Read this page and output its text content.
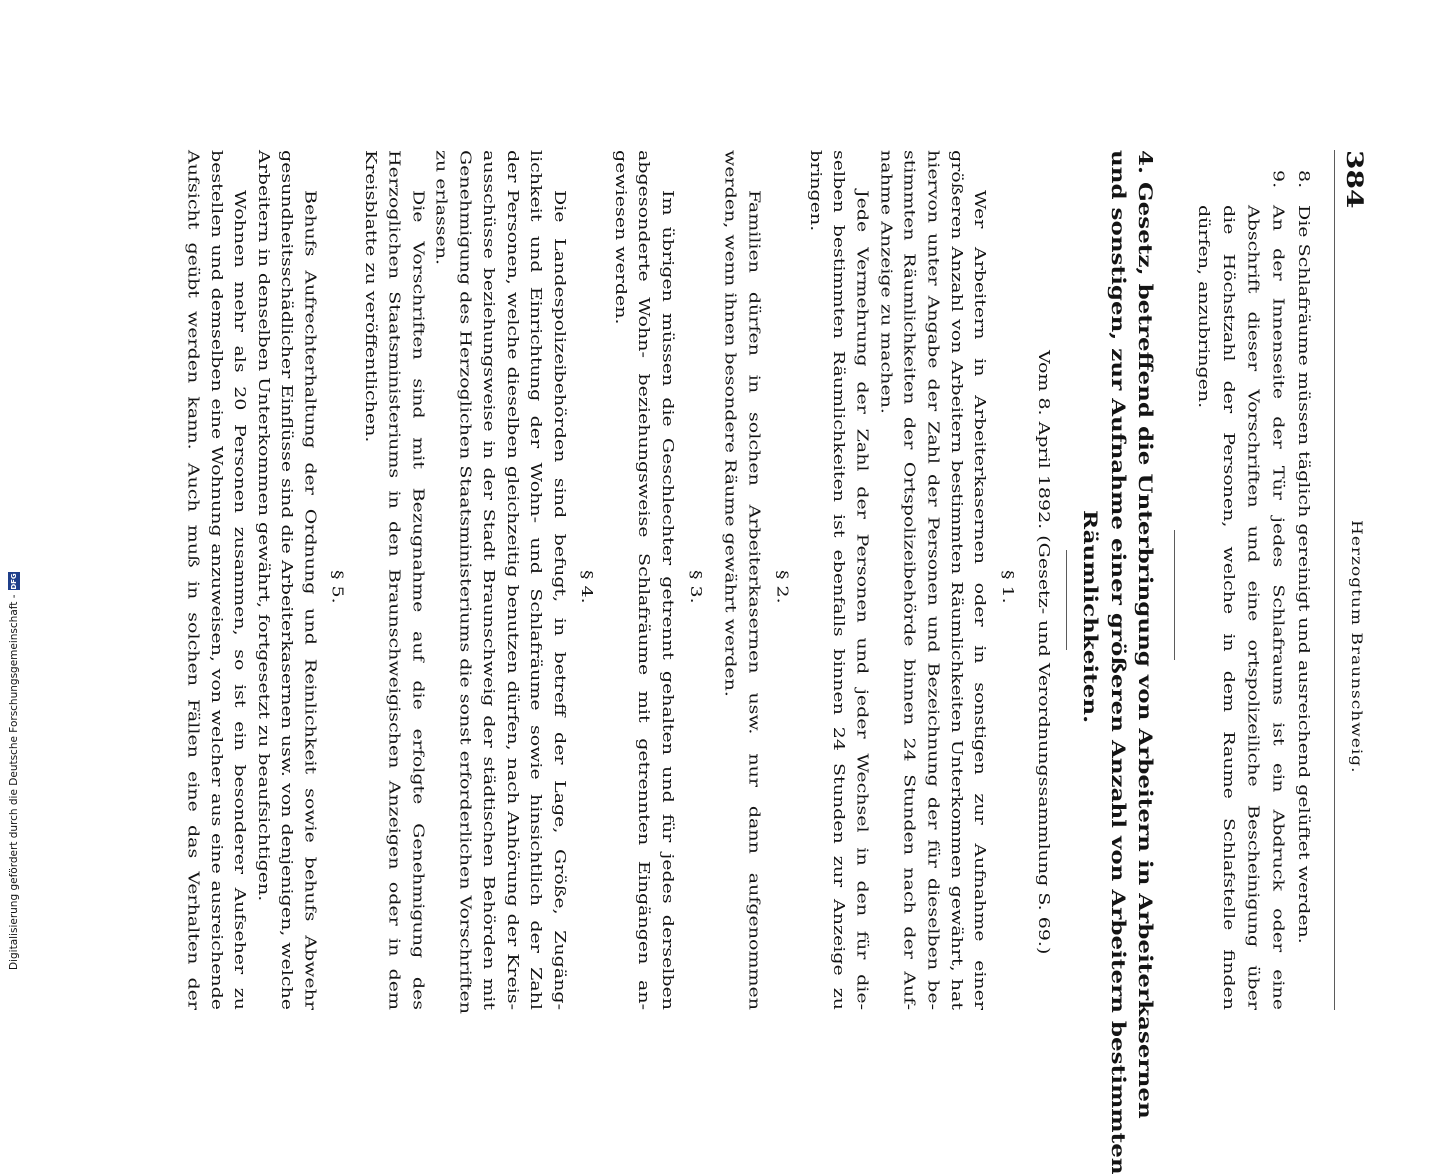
384
Herzogtum Braunschweig.
8.
Die Schlafräume müssen täglich gereinigt und ausreichend gelüftet werden.
9.
An der Innenseite der Tür jedes Schlafraums ist ein Abdruck oder eine
Abschrift dieser Vorschriften und eine ortspolizeiliche Bescheinigung über
die Höchstzahl der Personen, welche in dem Raume Schlafstelle finden
dürfen, anzubringen.
4. Gesetz, betreffend die Unterbringung von Arbeitern in Arbeiterkasernen
und sonstigen, zur Aufnahme einer größeren Anzahl von Arbeitern bestimmten
Räumlichkeiten.
Vom 8. April 1892. (Gesetz- und Verordnungssammlung S. 69.)
§ 1.
Wer Arbeitern in Arbeiterkasernen oder in sonstigen zur Aufnahme einer
größeren Anzahl von Arbeitern bestimmten Räumlichkeiten Unterkommen gewährt, hat
hiervon unter Angabe der Zahl der Personen und Bezeichnung der für dieselben be-
stimmten Räumlichkeiten der Ortspolizeibehörde binnen 24 Stunden nach der Auf-
nahme Anzeige zu machen.
Jede Vermehrung der Zahl der Personen und jeder Wechsel in den für die-
selben bestimmten Räumlichkeiten ist ebenfalls binnen 24 Stunden zur Anzeige zu
bringen.
§ 2.
Familien dürfen in solchen Arbeiterkasernen usw. nur dann aufgenommen
werden, wenn ihnen besondere Räume gewährt werden.
§ 3.
Im übrigen müssen die Geschlechter getrennt gehalten und für jedes derselben
abgesonderte Wohn- beziehungsweise Schlafräume mit getrennten Eingängen an-
gewiesen werden.
§ 4.
Die Landespolizeibehörden sind befugt, in betreff der Lage, Größe, Zugäng-
lichkeit und Einrichtung der Wohn- und Schlafräume sowie hinsichtlich der Zahl
der Personen, welche dieselben gleichzeitig benutzen dürfen, nach Anhörung der Kreis-
ausschüsse beziehungsweise in der Stadt Braunschweig der städtischen Behörden mit
Genehmigung des Herzoglichen Staatsministeriums die sonst erforderlichen Vorschriften
zu erlassen.
Die Vorschriften sind mit Bezugnahme auf die erfolgte Genehmigung des
Herzoglichen Staatsministeriums in den Braunschweigischen Anzeigen oder in dem
Kreisblatte zu veröffentlichen.
§ 5.
Behufs Aufrechterhaltung der Ordnung und Reinlichkeit sowie behufs Abwehr
gesundheitsschädlicher Einflüsse sind die Arbeiterkasernen usw. von denjenigen, welche
Arbeitern in denselben Unterkommen gewährt, fortgesetzt zu beaufsichtigen.
Wohnen mehr als 20 Personen zusammen, so ist ein besonderer Aufseher zu
bestellen und demselben eine Wohnung anzuweisen, von welcher aus eine ausreichende
Aufsicht geübt werden kann. Auch muß in solchen Fällen eine das Verhalten der
Digitalisierung gefördert durch die Deutsche Forschungsgemeinschaft -
DFG
